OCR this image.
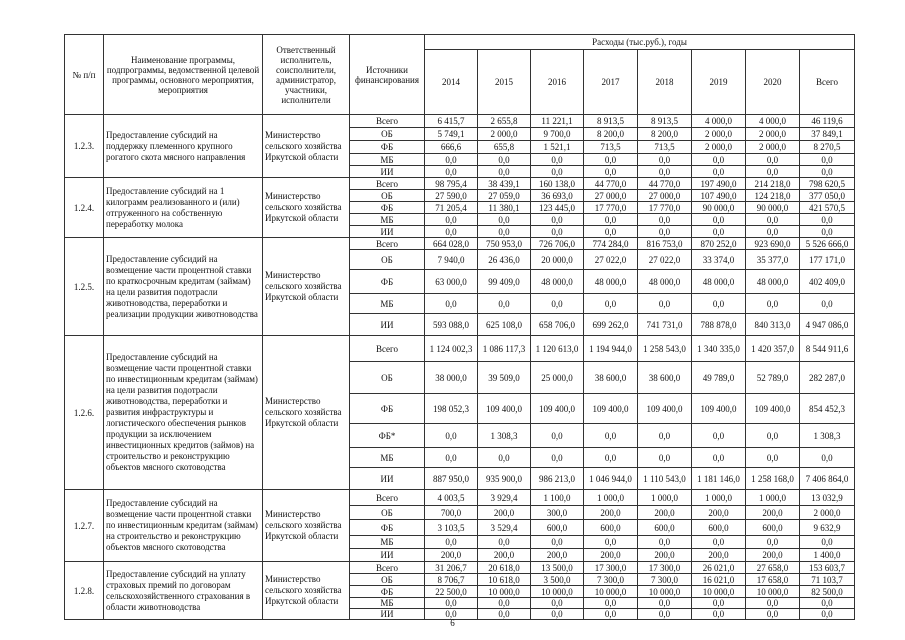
№ п/п	Наименование программы, подпрограммы, ведомственной целевой программы, основного мероприятия, мероприятия	Ответственный исполнитель, соисполнители, администратор, участники, исполнители	Источники финансирования	Расходы (тыс.руб.), годы							
				2014	2015	2016	2017	2018	2019	2020	Всего
1.2.3.	Предоставление субсидий на поддержку племенного крупного рогатого скота мясного направления	Министерство сельского хозяйства Иркутской области	Всего	6 415,7	2 655,8	11 221,1	8 913,5	8 913,5	4 000,0	4 000,0	46 119,6
			ОБ	5 749,1	2 000,0	9 700,0	8 200,0	8 200,0	2 000,0	2 000,0	37 849,1
			ФБ	666,6	655,8	1 521,1	713,5	713,5	2 000,0	2 000,0	8 270,5
			МБ	0,0	0,0	0,0	0,0	0,0	0,0	0,0	0,0
			ИИ	0,0	0,0	0,0	0,0	0,0	0,0	0,0	0,0
1.2.4.	Предоставление субсидий на 1 килограмм реализованного и (или) отгруженного на собственную переработку молока	Министерство сельского хозяйства Иркутской области	Всего	98 795,4	38 439,1	160 138,0	44 770,0	44 770,0	197 490,0	214 218,0	798 620,5
			ОБ	27 590,0	27 059,0	36 693,0	27 000,0	27 000,0	107 490,0	124 218,0	377 050,0
			ФБ	71 205,4	11 380,1	123 445,0	17 770,0	17 770,0	90 000,0	90 000,0	421 570,5
			МБ	0,0	0,0	0,0	0,0	0,0	0,0	0,0	0,0
			ИИ	0,0	0,0	0,0	0,0	0,0	0,0	0,0	0,0
1.2.5.	Предоставление субсидий на возмещение части процентной ставки по краткосрочным кредитам (займам) на цели развития подотрасли животноводства, переработки и реализации продукции животноводства	Министерство сельского хозяйства Иркутской области	Всего	664 028,0	750 953,0	726 706,0	774 284,0	816 753,0	870 252,0	923 690,0	5 526 666,0
			ОБ	7 940,0	26 436,0	20 000,0	27 022,0	27 022,0	33 374,0	35 377,0	177 171,0
			ФБ	63 000,0	99 409,0	48 000,0	48 000,0	48 000,0	48 000,0	48 000,0	402 409,0
			МБ	0,0	0,0	0,0	0,0	0,0	0,0	0,0	0,0
			ИИ	593 088,0	625 108,0	658 706,0	699 262,0	741 731,0	788 878,0	840 313,0	4 947 086,0
1.2.6.	Предоставление субсидий на возмещение части процентной ставки по инвестиционным кредитам (займам) на цели развития подотрасли животноводства, переработки и развития инфраструктуры и логистического обеспечения рынков продукции за исключением инвестиционных кредитов (займов) на строительство и реконструкцию объектов мясного скотоводства	Министерство сельского хозяйства Иркутской области	Всего	1 124 002,3	1 086 117,3	1 120 613,0	1 194 944,0	1 258 543,0	1 340 335,0	1 420 357,0	8 544 911,6
			ОБ	38 000,0	39 509,0	25 000,0	38 600,0	38 600,0	49 789,0	52 789,0	282 287,0
			ФБ	198 052,3	109 400,0	109 400,0	109 400,0	109 400,0	109 400,0	109 400,0	854 452,3
			ФБ*	0,0	1 308,3	0,0	0,0	0,0	0,0	0,0	1 308,3
			МБ	0,0	0,0	0,0	0,0	0,0	0,0	0,0	0,0
			ИИ	887 950,0	935 900,0	986 213,0	1 046 944,0	1 110 543,0	1 181 146,0	1 258 168,0	7 406 864,0
1.2.7.	Предоставление субсидий на возмещение части процентной ставки по инвестиционным кредитам (займам) на строительство и реконструкцию объектов мясного скотоводства	Министерство сельского хозяйства Иркутской области	Всего	4 003,5	3 929,4	1 100,0	1 000,0	1 000,0	1 000,0	1 000,0	13 032,9
			ОБ	700,0	200,0	300,0	200,0	200,0	200,0	200,0	2 000,0
			ФБ	3 103,5	3 529,4	600,0	600,0	600,0	600,0	600,0	9 632,9
			МБ	0,0	0,0	0,0	0,0	0,0	0,0	0,0	0,0
			ИИ	200,0	200,0	200,0	200,0	200,0	200,0	200,0	1 400,0
1.2.8.	Предоставление субсидий на уплату страховых премий по договорам сельскохозяйственного страхования в области животноводства	Министерство сельского хозяйства Иркутской области	Всего	31 206,7	20 618,0	13 500,0	17 300,0	17 300,0	26 021,0	27 658,0	153 603,7
			ОБ	8 706,7	10 618,0	3 500,0	7 300,0	7 300,0	16 021,0	17 658,0	71 103,7
			ФБ	22 500,0	10 000,0	10 000,0	10 000,0	10 000,0	10 000,0	10 000,0	82 500,0
			МБ	0,0	0,0	0,0	0,0	0,0	0,0	0,0	0,0
			ИИ	0,0	0,0	0,0	0,0	0,0	0,0	0,0	0,0
6
